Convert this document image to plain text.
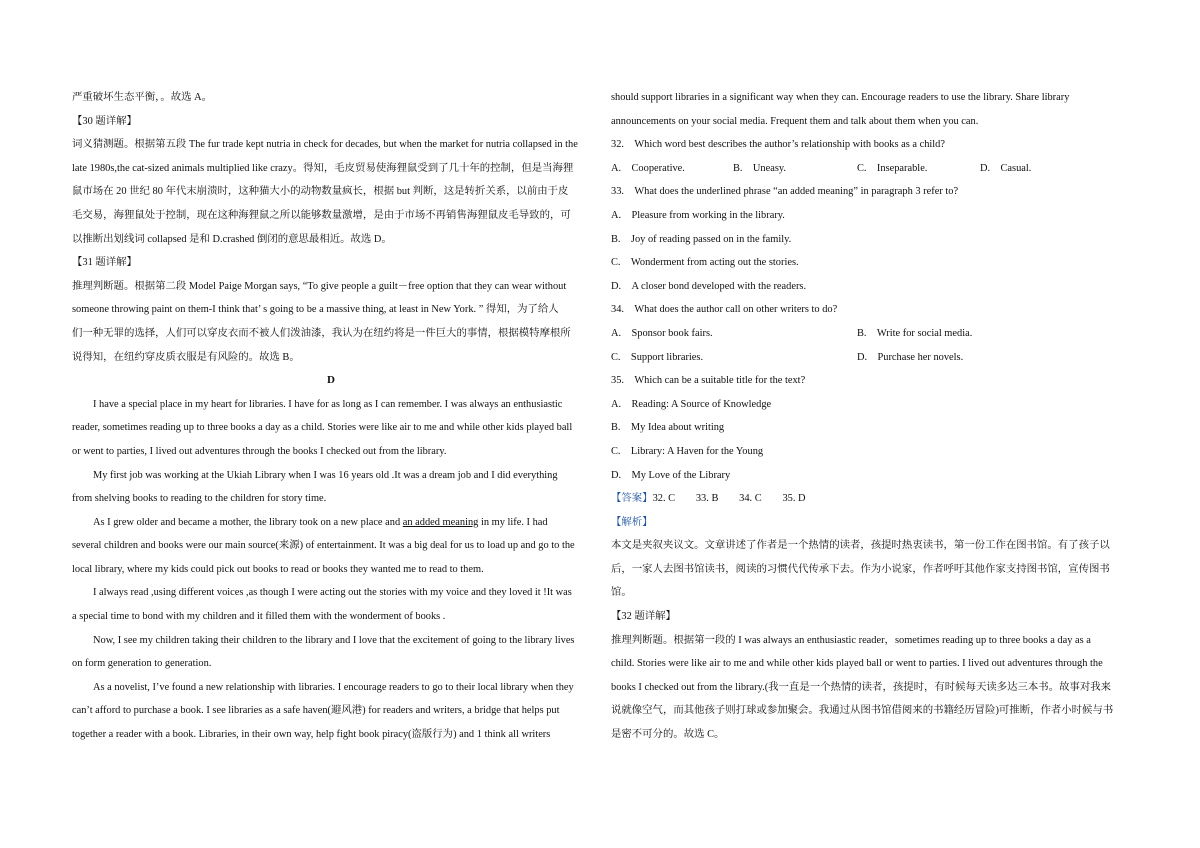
严重破坏生态平衡，。故选 A。
【30 题详解】
词义猜测题。根据第五段 The fur trade kept nutria in check for decades, but when the market for nutria collapsed in the
late 1980s,the cat-sized animals multiplied like crazy。得知，毛皮贸易使海狸鼠受到了几十年的控制，但是当海狸
鼠市场在 20 世纪 80 年代末崩溃时，这种猫大小的动物数量疯长，根据 but 判断，这是转折关系，以前由于皮
毛交易，海狸鼠处于控制，现在这种海狸鼠之所以能够数量激增，是由于市场不再销售海狸鼠皮毛导致的，可
以推断出划线词 collapsed 是和 D.crashed 倒闭的意思最相近。故选 D。
【31 题详解】
推理判断题。根据第二段 Model Paige Morgan says, “To give people a guilt－free option that they can wear without
someone throwing paint on them-I think that’ s going to be a massive thing, at least in New York. ” 得知，为了给人
们一种无罪的选择，人们可以穿皮衣而不被人们泼油漆，我认为在纽约将是一件巨大的事情，根据模特摩根所
说得知，在纽约穿皮质衣服是有风险的。故选 B。
D
I have a special place in my heart for libraries. I have for as long as I can remember. I was always an enthusiastic
reader, sometimes reading up to three books a day as a child. Stories were like air to me and while other kids played ball
or went to parties, I lived out adventures through the books I checked out from the library.
My first job was working at the Ukiah Library when I was 16 years old .It was a dream job and I did everything
from shelving books to reading to the children for story time.
As I grew older and became a mother, the library took on a new place and an added meaning in my life. I had
several children and books were our main source(来源) of entertainment. It was a big deal for us to load up and go to the
local library, where my kids could pick out books to read or books they wanted me to read to them.
I always read ,using different voices ,as though I were acting out the stories with my voice and they loved it !It was
a special time to bond with my children and it filled them with the wonderment of books .
Now, I see my children taking their children to the library and I love that the excitement of going to the library lives
on form generation to generation.
As a novelist, I’ve found a new relationship with libraries. I encourage readers to go to their local library when they
can’t afford to purchase a book. I see libraries as a safe haven(避风港) for readers and writers, a bridge that helps put
together a reader with a book. Libraries, in their own way, help fight book piracy(盗版行为) and 1 think all writers
should support libraries in a significant way when they can. Encourage readers to use the library. Share library
announcements on your social media. Frequent them and talk about them when you can.
32.　Which word best describes the author’s relationship with books as a child?
A.　Cooperative.	B.　Uneasy.	C.　Inseparable.	D.　Casual.
33.　What does the underlined phrase “an added meaning” in paragraph 3 refer to?
A.　Pleasure from working in the library.
B.　Joy of reading passed on in the family.
C.　Wonderment from acting out the stories.
D.　A closer bond developed with the readers.
34.　What does the author call on other writers to do?
A.　Sponsor book fairs.	B.　Write for social media.
C.　Support libraries.	D.　Purchase her novels.
35.　Which can be a suitable title for the text?
A.　Reading: A Source of Knowledge
B.　My Idea about writing
C.　Library: A Haven for the Young
D.　My Love of the Library
【答案】32. C　　33. B　　34. C　　35. D
【解析】
本文是夹叙夹议文。文章讲述了作者是一个热情的读者，孩提时热衷读书，第一份工作在图书馆。有了孩子以
后，一家人去图书馆读书，阅读的习惯代代传承下去。作为小说家，作者呼吁其他作家支持图书馆，宣传图书
馆。
【32 题详解】
推理判断题。根据第一段的 I was always an enthusiastic reader，sometimes reading up to three books a day as a
child. Stories were like air to me and while other kids played ball or went to parties. I lived out adventures through the
books I checked out from the library.(我一直是一个热情的读者，孩提时，有时候每天读多达三本书。故事对我来
说就像空气，而其他孩子则打球或参加聚会。我通过从图书馆借阅来的书籍经历冒险)可推断，作者小时候与书
是密不可分的。故选 C。
